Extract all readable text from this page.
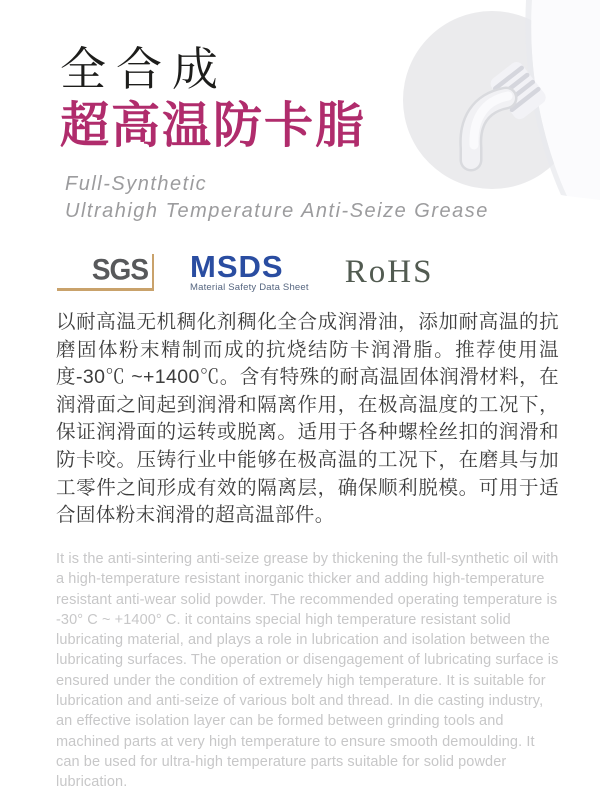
全合成
超高温防卡脂
Full-Synthetic
Ultrahigh Temperature Anti-Seize Grease
SGS MSDS
Material Safety Data Sheet RoHS

以耐高温无机稠化剂稠化全合成润滑油，添加耐高温的抗磨固体粉末精制而成的抗烧结防卡润滑脂。推荐使用温度-30℃ ~+1400℃。含有特殊的耐高温固体润滑材料，在润滑面之间起到润滑和隔离作用，在极高温度的工况下，保证润滑面的运转或脱离。适用于各种螺栓丝扣的润滑和防卡咬。压铸行业中能够在极高温的工况下，在磨具与加工零件之间形成有效的隔离层，确保顺利脱模。可用于适合固体粉末润滑的超高温部件。

It is the anti-sintering anti-seize grease by thickening the full-synthetic oil with a high-temperature resistant inorganic thicker and adding high-temperature resistant anti-wear solid powder. The recommended operating temperature is -30° C ~ +1400° C. it contains special high temperature resistant solid lubricating material, and plays a role in lubrication and isolation between the lubricating surfaces. The operation or disengagement of lubricating surface is ensured under the condition of extremely high temperature. It is suitable for lubrication and anti-seize of various bolt and thread. In die casting industry, an effective isolation layer can be formed between grinding tools and machined parts at very high temperature to ensure smooth demoulding. It can be used for ultra-high temperature parts suitable for solid powder lubrication.
